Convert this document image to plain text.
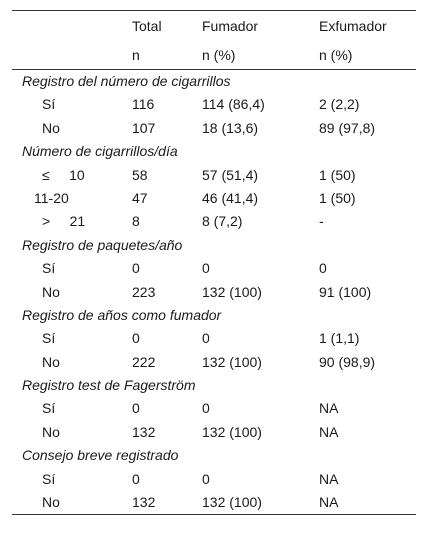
Total	Fumador	Exfumador
n	n (%)	n (%)
Registro del número de cigarrillos
Sí	116	114 (86,4)	2 (2,2)
No	107	18 (13,6)	89 (97,8)
Número de cigarrillos/día
≤     10	58	57 (51,4)	1 (50)
11-20	47	46 (41,4)	1 (50)
>     21	8	8 (7,2)	-
Registro de paquetes/año
Sí	0	0	0
No	223	132 (100)	91 (100)
Registro de años como fumador
Sí	0	0	1 (1,1)
No	222	132 (100)	90 (98,9)
Registro test de Fagerström
Sí	0	0	NA
No	132	132 (100)	NA
Consejo breve registrado
Sí	0	0	NA
No	132	132 (100)	NA
